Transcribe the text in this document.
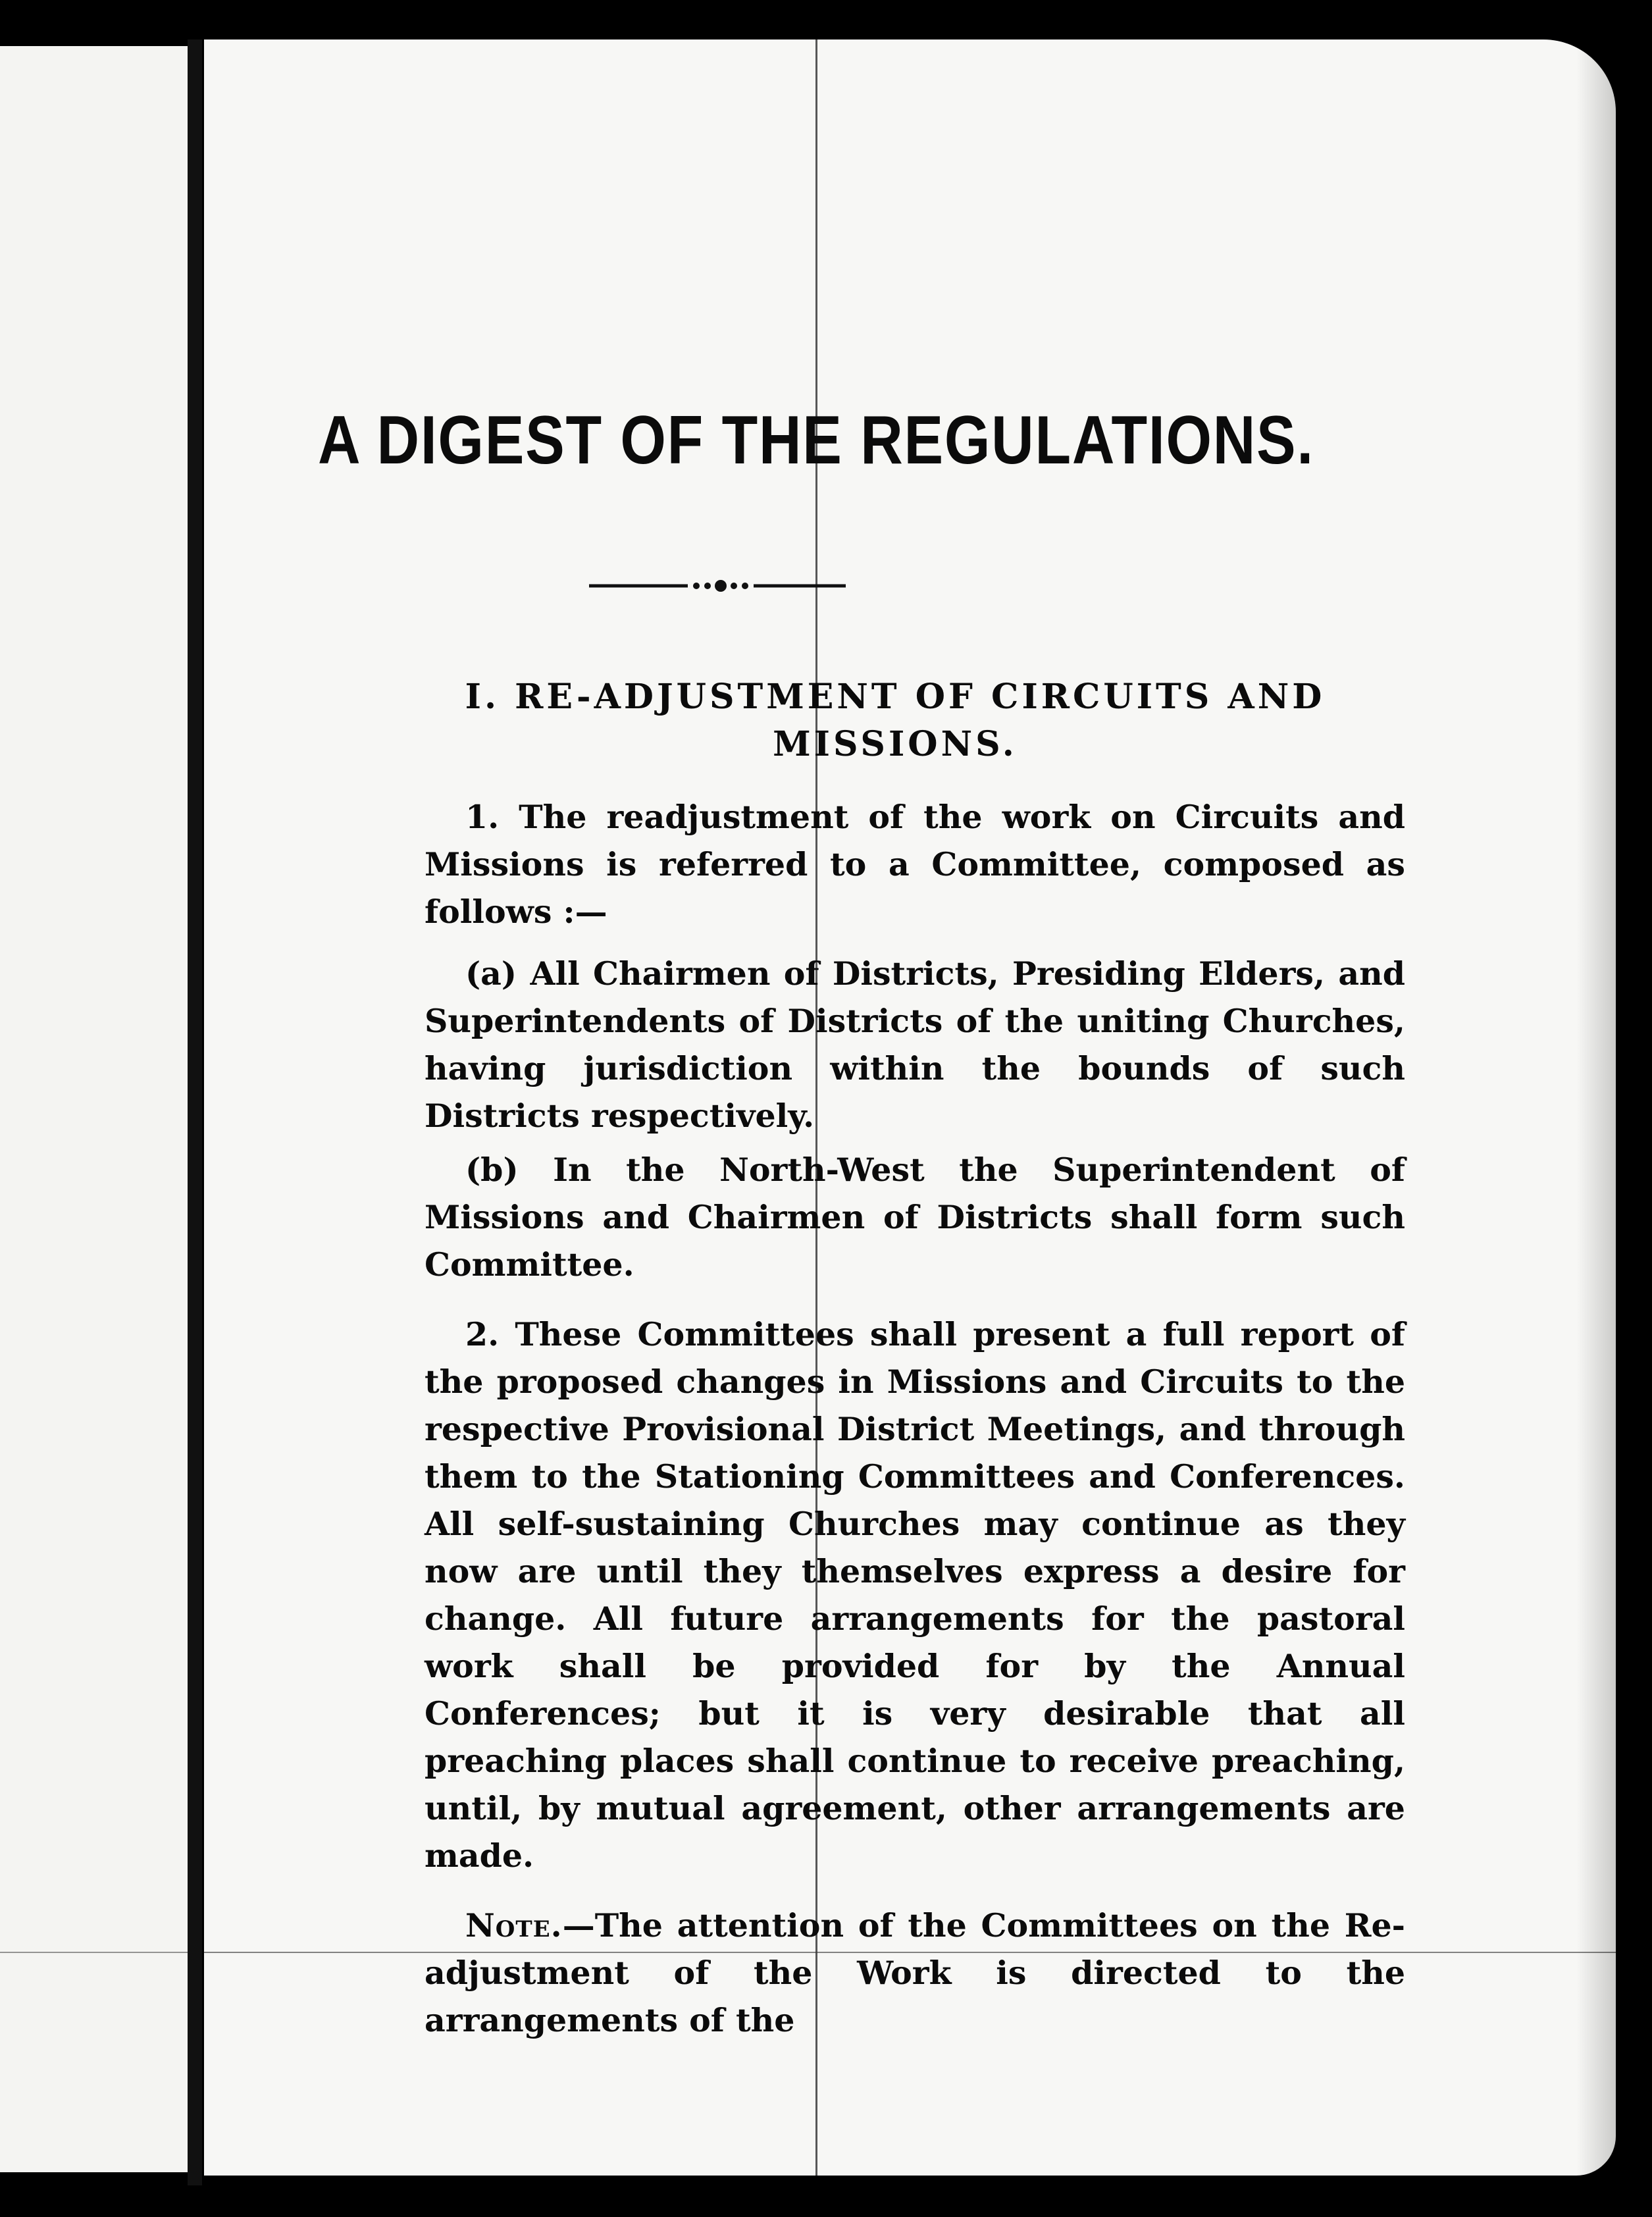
A DIGEST OF THE REGULATIONS.
I. RE-ADJUSTMENT OF CIRCUITS AND
MISSIONS.

1. The readjustment of the work on Circuits and Missions is referred to a Committee, composed as follows :—

(a) All Chairmen of Districts, Presiding Elders, and Superintendents of Districts of the uniting Churches, having jurisdiction within the bounds of such Districts respectively.

(b) In the North-West the Superintendent of Missions and Chairmen of Districts shall form such Committee.

2. These Committees shall present a full report of the proposed changes in Missions and Circuits to the respective Provisional District Meetings, and through them to the Stationing Committees and Conferences. All self-sustaining Churches may continue as they now are until they themselves express a desire for change. All future arrangements for the pastoral work shall be provided for by the Annual Conferences; but it is very desirable that all preaching places shall continue to receive preaching, until, by mutual agreement, other arrangements are made.

Note.—The attention of the Committees on the Re-adjustment of the Work is directed to the arrangements of the
